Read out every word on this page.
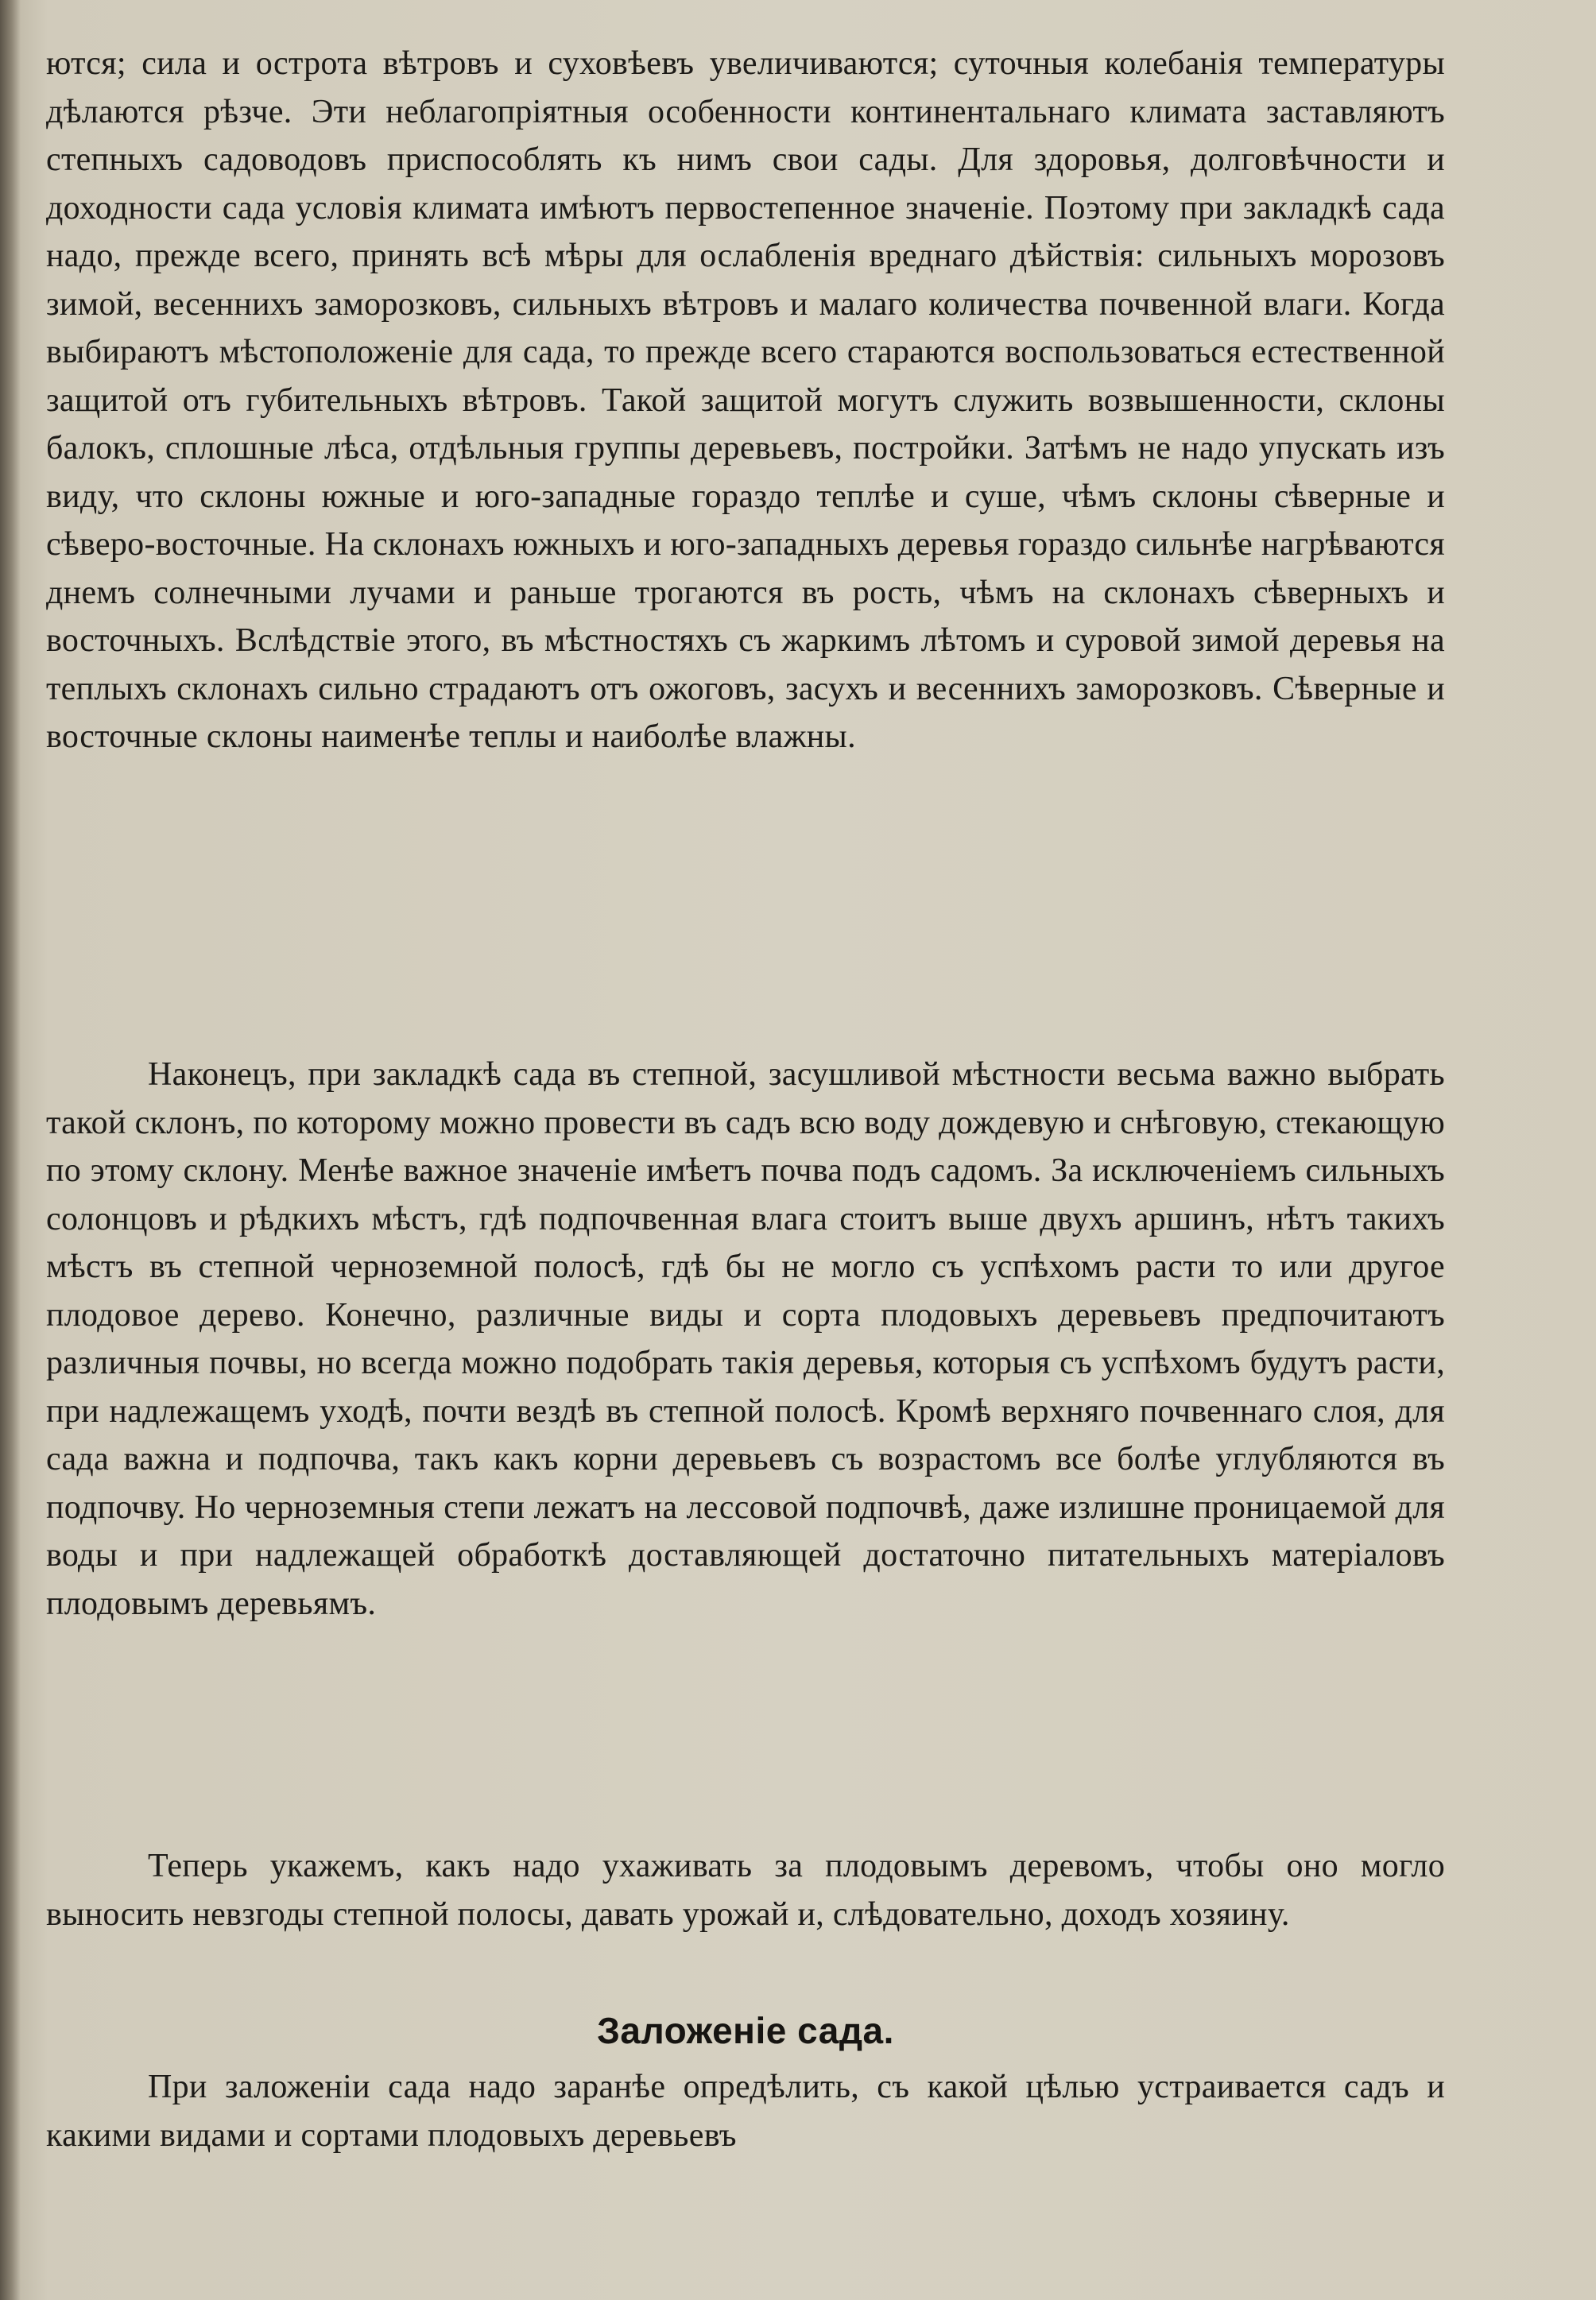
ются; сила и острота вѣтровъ и суховѣевъ увеличиваются; суточныя колебанія температуры дѣлаются рѣзче. Эти неблагопріятныя особенности континентальнаго климата заставляютъ степныхъ садоводовъ приспособлять къ нимъ свои сады. Для здоровья, долговѣчности и доходности сада условія климата имѣютъ первостепенное значеніе. Поэтому при закладкѣ сада надо, прежде всего, принять всѣ мѣры для ослабленія вреднаго дѣйствія: сильныхъ морозовъ зимой, весеннихъ заморозковъ, сильныхъ вѣтровъ и малаго количества почвенной влаги. Когда выбираютъ мѣстоположеніе для сада, то прежде всего стараются воспользоваться естественной защитой отъ губительныхъ вѣтровъ. Такой защитой могутъ служить возвышенности, склоны балокъ, сплошные лѣса, отдѣльныя группы деревьевъ, постройки. Затѣмъ не надо упускать изъ виду, что склоны южные и юго-западные гораздо теплѣе и суше, чѣмъ склоны сѣверные и сѣверо-восточные. На склонахъ южныхъ и юго-западныхъ деревья гораздо сильнѣе нагрѣваются днемъ солнечными лучами и раньше трогаются въ рость, чѣмъ на склонахъ сѣверныхъ и восточныхъ. Вслѣдствіе этого, въ мѣстностяхъ съ жаркимъ лѣтомъ и суровой зимой деревья на теплыхъ склонахъ сильно страдаютъ отъ ожоговъ, засухъ и весеннихъ заморозковъ. Сѣверные и восточные склоны наименѣе теплы и наиболѣе влажны.

Наконецъ, при закладкѣ сада въ степной, засушливой мѣстности весьма важно выбрать такой склонъ, по которому можно провести въ садъ всю воду дождевую и снѣговую, стекающую по этому склону. Менѣе важное значеніе имѣетъ почва подъ садомъ. За исключеніемъ сильныхъ солонцовъ и рѣдкихъ мѣстъ, гдѣ подпочвенная влага стоитъ выше двухъ аршинъ, нѣтъ такихъ мѣстъ въ степной черноземной полосѣ, гдѣ бы не могло съ успѣхомъ расти то или другое плодовое дерево. Конечно, различные виды и сорта плодовыхъ деревьевъ предпочитаютъ различныя почвы, но всегда можно подобрать такія деревья, которыя съ успѣхомъ будутъ расти, при надлежащемъ уходѣ, почти вездѣ въ степной полосѣ. Кромѣ верхняго почвеннаго слоя, для сада важна и подпочва, такъ какъ корни деревьевъ съ возрастомъ все болѣе углубляются въ подпочву. Но черноземныя степи лежатъ на лессовой подпочвѣ, даже излишне проницаемой для воды и при надлежащей обработкѣ доставляющей достаточно питательныхъ матеріаловъ плодовымъ деревьямъ.

Теперь укажемъ, какъ надо ухаживать за плодовымъ деревомъ, чтобы оно могло выносить невзгоды степной полосы, давать урожай и, слѣдовательно, доходъ хозяину.

Заложеніе сада.

При заложеніи сада надо заранѣе опредѣлить, съ какой цѣлью устраивается садъ и какими видами и сортами плодовыхъ деревьевъ
